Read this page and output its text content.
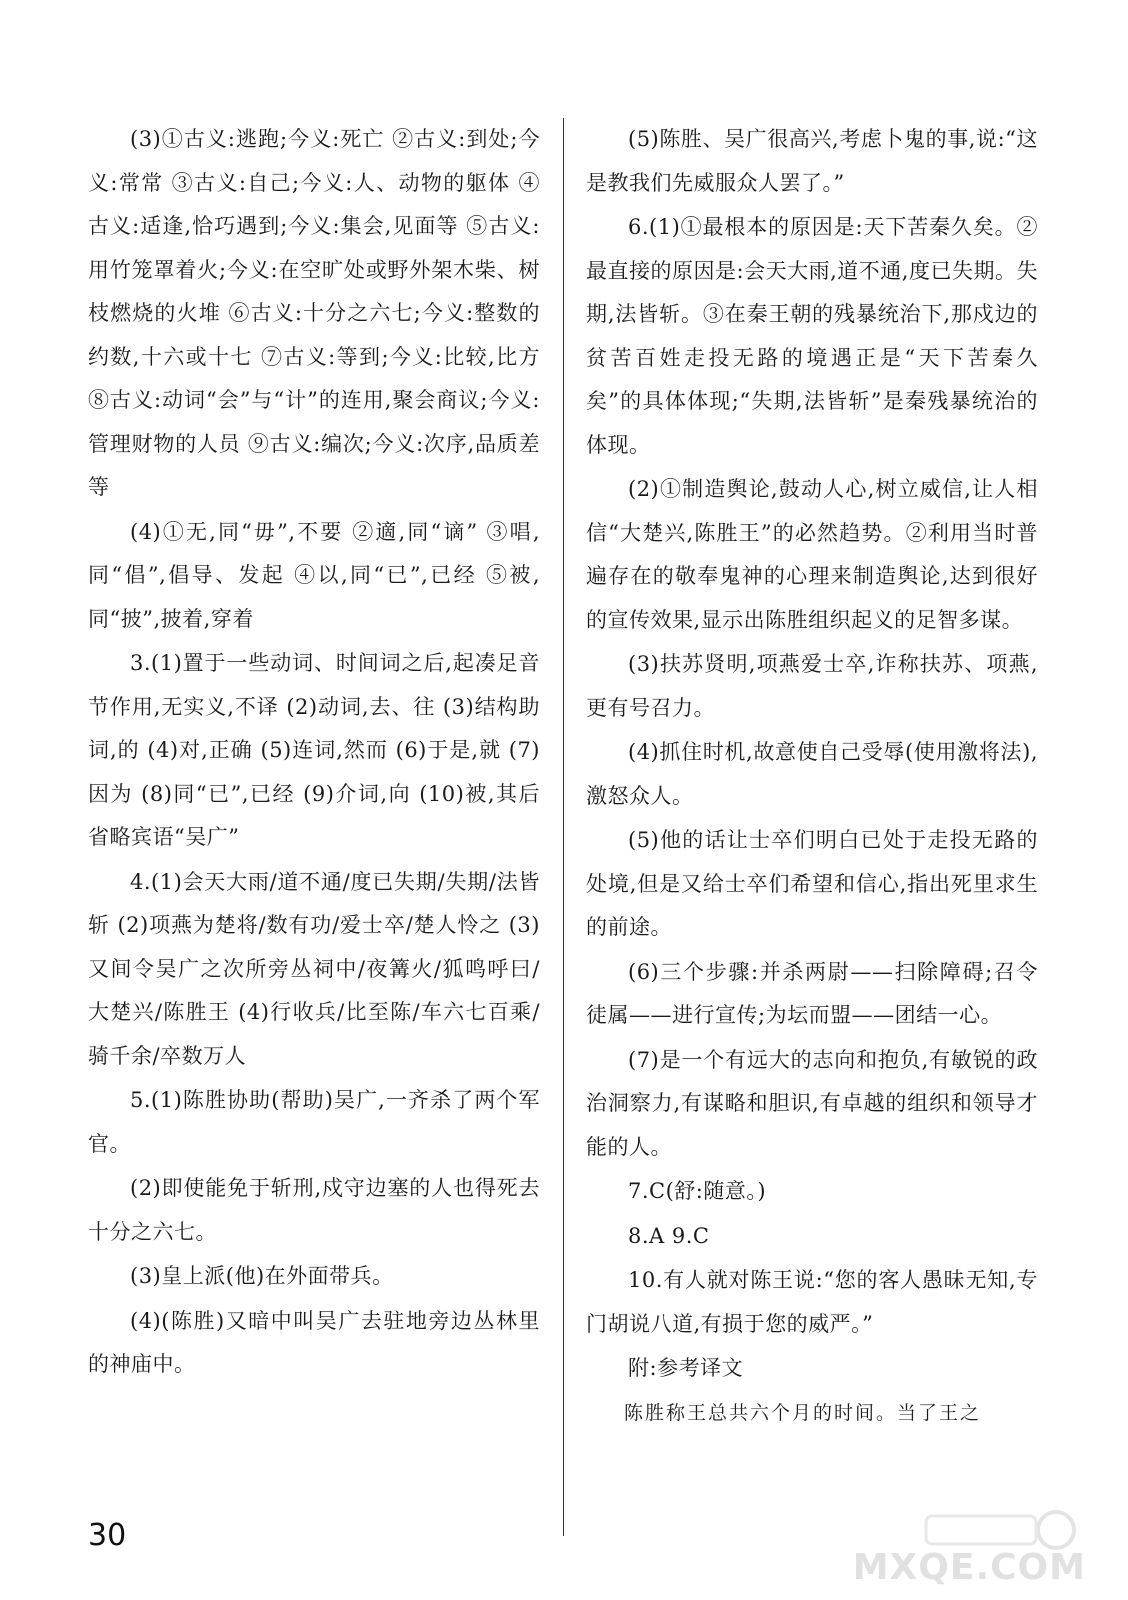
(3)①古义:逃跑;今义:死亡 ②古义:到处;今义:常常 ③古义:自己;今义:人、动物的躯体 ④古义:适逢,恰巧遇到;今义:集会,见面等 ⑤古义:用竹笼罩着火;今义:在空旷处或野外架木柴、树枝燃烧的火堆 ⑥古义:十分之六七;今义:整数的约数,十六或十七 ⑦古义:等到;今义:比较,比方 ⑧古义:动词“会”与“计”的连用,聚会商议;今义:管理财物的人员 ⑨古义:编次;今义:次序,品质差等

(4)①无,同“毋”,不要 ②適,同“谪” ③唱,同“倡”,倡导、发起 ④以,同“已”,已经 ⑤被,同“披”,披着,穿着

3.(1)置于一些动词、时间词之后,起凑足音节作用,无实义,不译 (2)动词,去、往 (3)结构助词,的 (4)对,正确 (5)连词,然而 (6)于是,就 (7)因为 (8)同“已”,已经 (9)介词,向 (10)被,其后省略宾语“吴广”

4.(1)会天大雨/道不通/度已失期/失期/法皆斩 (2)项燕为楚将/数有功/爱士卒/楚人怜之 (3)又间令吴广之次所旁丛祠中/夜篝火/狐鸣呼曰/大楚兴/陈胜王 (4)行收兵/比至陈/车六七百乘/骑千余/卒数万人

5.(1)陈胜协助(帮助)吴广,一齐杀了两个军官。

(2)即使能免于斩刑,戍守边塞的人也得死去十分之六七。

(3)皇上派(他)在外面带兵。

(4)(陈胜)又暗中叫吴广去驻地旁边丛林里的神庙中。

(5)陈胜、吴广很高兴,考虑卜鬼的事,说:“这是教我们先威服众人罢了。”

6.(1)①最根本的原因是:天下苦秦久矣。②最直接的原因是:会天大雨,道不通,度已失期。失期,法皆斩。③在秦王朝的残暴统治下,那戍边的贫苦百姓走投无路的境遇正是“天下苦秦久矣”的具体体现;“失期,法皆斩”是秦残暴统治的体现。

(2)①制造舆论,鼓动人心,树立威信,让人相信“大楚兴,陈胜王”的必然趋势。②利用当时普遍存在的敬奉鬼神的心理来制造舆论,达到很好的宣传效果,显示出陈胜组织起义的足智多谋。

(3)扶苏贤明,项燕爱士卒,诈称扶苏、项燕,更有号召力。

(4)抓住时机,故意使自己受辱(使用激将法),激怒众人。

(5)他的话让士卒们明白已处于走投无路的处境,但是又给士卒们希望和信心,指出死里求生的前途。

(6)三个步骤:并杀两尉——扫除障碍;召令徒属——进行宣传;为坛而盟——团结一心。

(7)是一个有远大的志向和抱负,有敏锐的政治洞察力,有谋略和胆识,有卓越的组织和领导才能的人。

7.C(舒:随意。)

8.A 9.C

10.有人就对陈王说:“您的客人愚昧无知,专门胡说八道,有损于您的威严。”

附:参考译文

陈胜称王总共六个月的时间。当了王之

30
MXQE.COM
